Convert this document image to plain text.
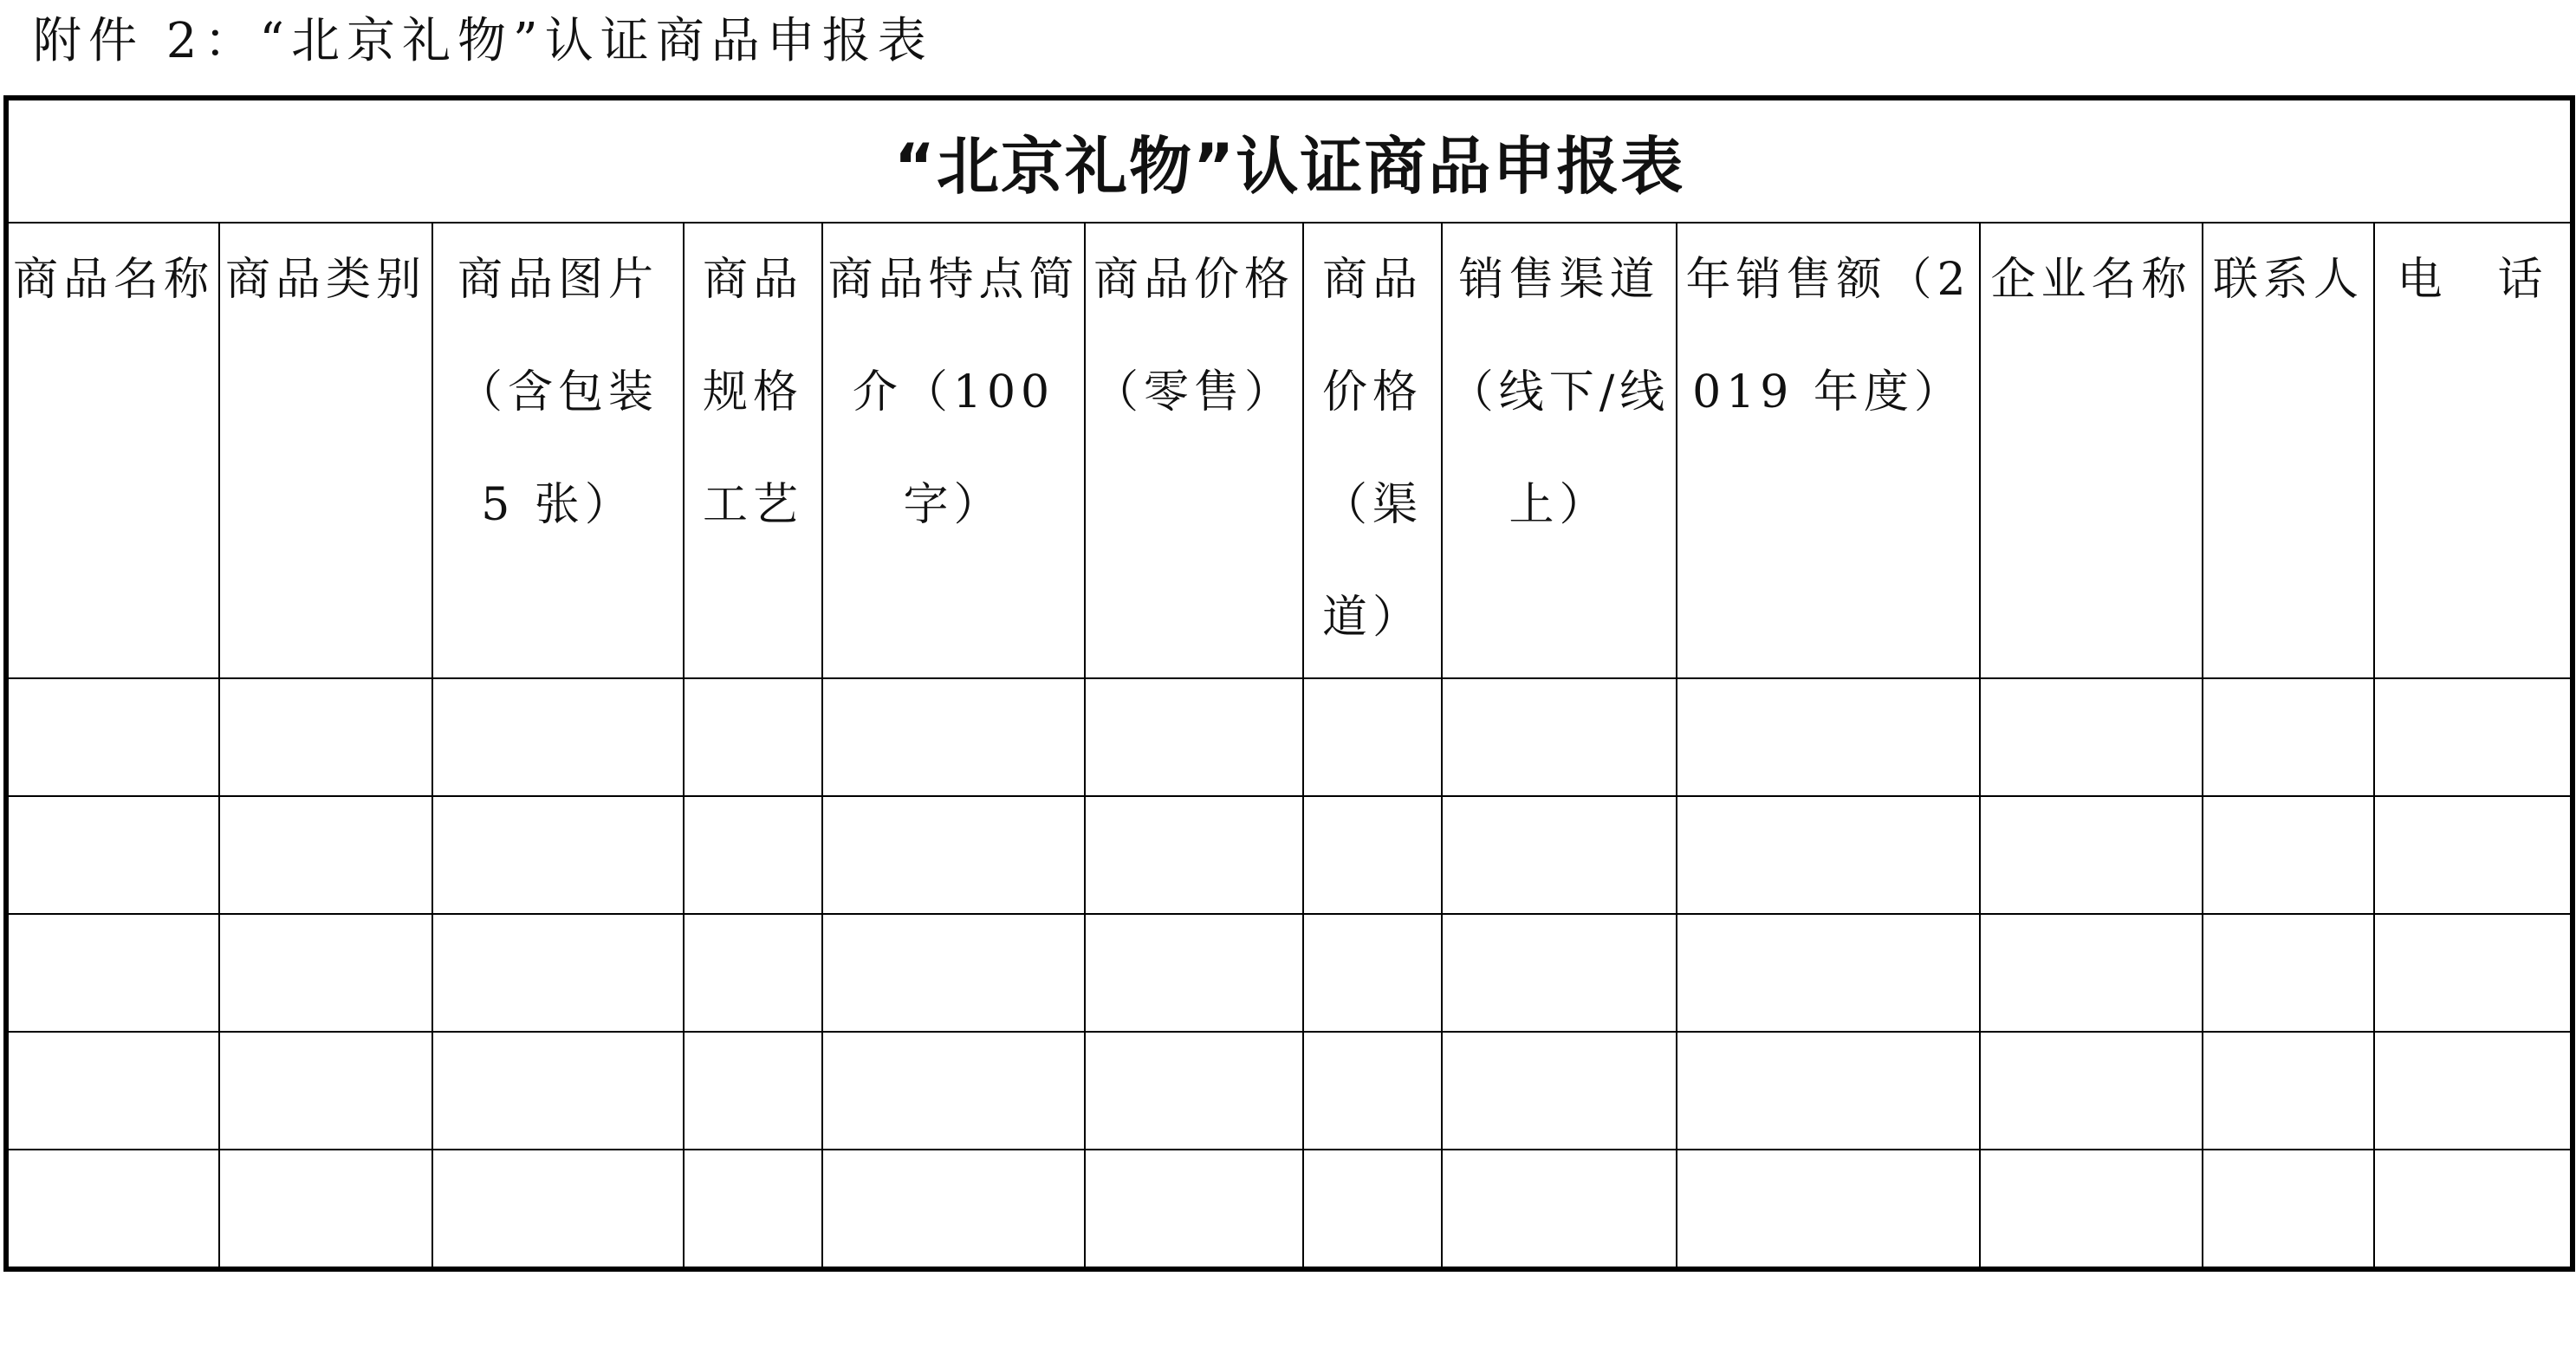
附件 2：“北京礼物”认证商品申报表
“北京礼物”认证商品申报表											

商品名称	商品类别	商品图片（含包装 5 张）	商品规格工艺	商品特点简介（100 字）	商品价格（零售）	商品价格（渠道）	销售渠道（线下/线上）	年销售额（2019 年度）	企业名称	联系人	电　话
